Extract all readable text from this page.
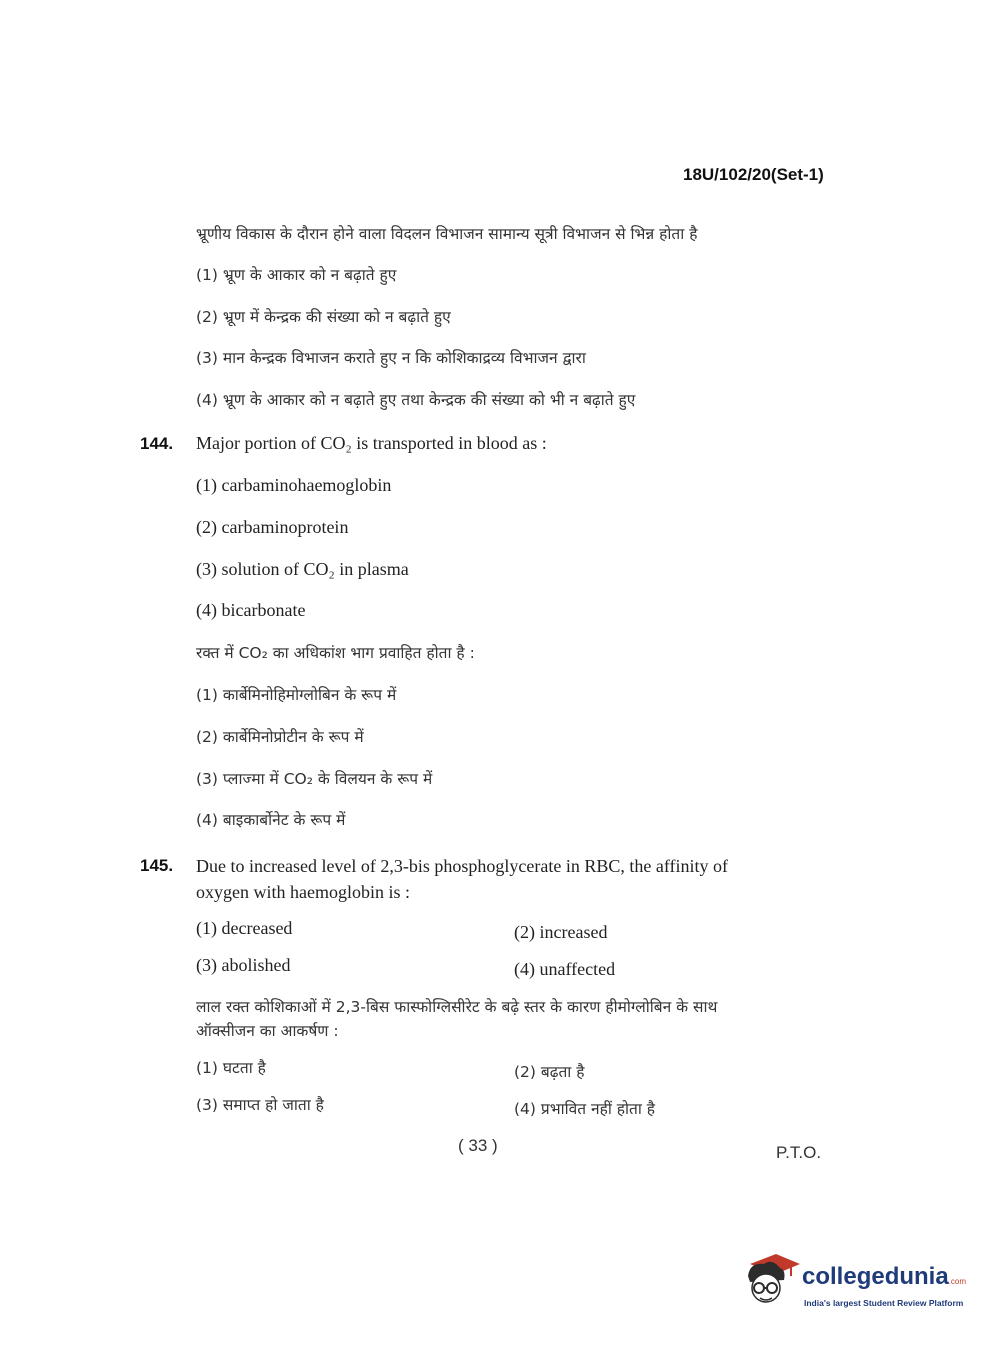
18U/102/20(Set-1)
भ्रूणीय विकास के दौरान होने वाला विदलन विभाजन सामान्य सूत्री विभाजन से भिन्न होता है
(1) भ्रूण के आकार को न बढ़ाते हुए
(2) भ्रूण में केन्द्रक की संख्या को न बढ़ाते हुए
(3) मान केन्द्रक विभाजन कराते हुए न कि कोशिकाद्रव्य विभाजन द्वारा
(4) भ्रूण के आकार को न बढ़ाते हुए तथा केन्द्रक की संख्या को भी न बढ़ाते हुए
144. Major portion of CO₂ is transported in blood as :
(1) carbaminohaemoglobin
(2) carbaminoprotein
(3) solution of CO₂ in plasma
(4) bicarbonate
रक्त में CO₂ का अधिकांश भाग प्रवाहित होता है :
(1) कार्बेमिनोहिमोग्लोबिन के रूप में
(2) कार्बेमिनोप्रोटीन के रूप में
(3) प्लाज्मा में CO₂ के विलयन के रूप में
(4) बाइकार्बोनेट के रूप में
145. Due to increased level of 2,3-bis phosphoglycerate in RBC, the affinity of
oxygen with haemoglobin is :
(1) decreased	(2) increased
(3) abolished	(4) unaffected
लाल रक्त कोशिकाओं में 2,3-बिस फास्फोग्लिसीरेट के बढ़े स्तर के कारण हीमोग्लोबिन के साथ
ऑक्सीजन का आकर्षण :
(1) घटता है	(2) बढ़ता है
(3) समाप्त हो जाता है	(4) प्रभावित नहीं होता है
( 33 )	P.T.O.
collegedunia.com
India's largest Student Review Platform
